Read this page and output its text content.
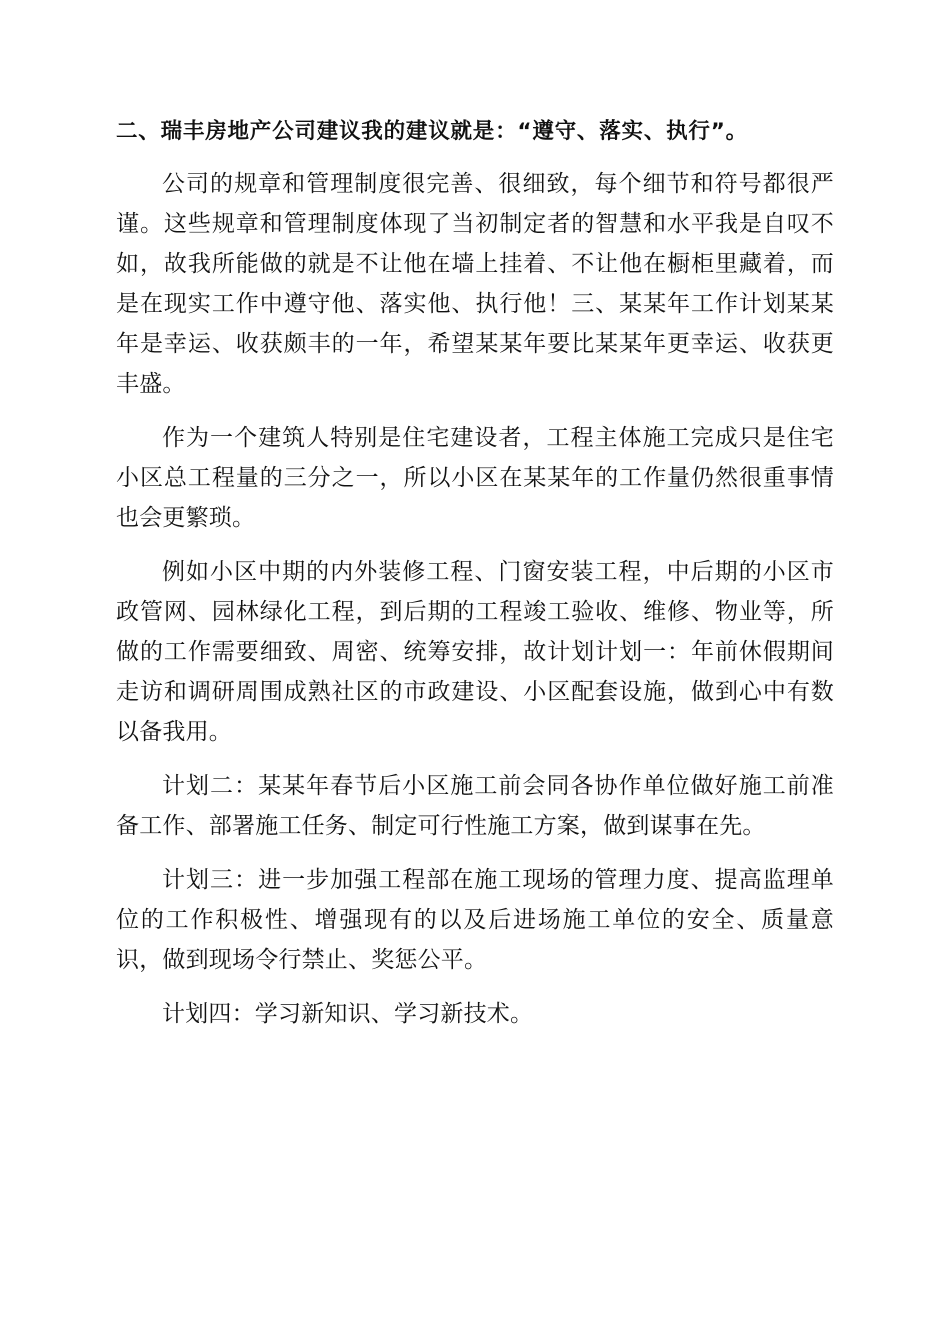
二、瑞丰房地产公司建议我的建议就是：“遵守、落实、执行”。

公司的规章和管理制度很完善、很细致，每个细节和符号都很严谨。这些规章和管理制度体现了当初制定者的智慧和水平我是自叹不如，故我所能做的就是不让他在墙上挂着、不让他在橱柜里藏着，而是在现实工作中遵守他、落实他、执行他！三、某某年工作计划某某年是幸运、收获颇丰的一年，希望某某年要比某某年更幸运、收获更丰盛。

作为一个建筑人特别是住宅建设者，工程主体施工完成只是住宅小区总工程量的三分之一，所以小区在某某年的工作量仍然很重事情也会更繁琐。

例如小区中期的内外装修工程、门窗安装工程，中后期的小区市政管网、园林绿化工程，到后期的工程竣工验收、维修、物业等，所做的工作需要细致、周密、统筹安排，故计划计划一：年前休假期间走访和调研周围成熟社区的市政建设、小区配套设施，做到心中有数以备我用。

计划二：某某年春节后小区施工前会同各协作单位做好施工前准备工作、部署施工任务、制定可行性施工方案，做到谋事在先。

计划三：进一步加强工程部在施工现场的管理力度、提高监理单位的工作积极性、增强现有的以及后进场施工单位的安全、质量意识，做到现场令行禁止、奖惩公平。

计划四：学习新知识、学习新技术。
